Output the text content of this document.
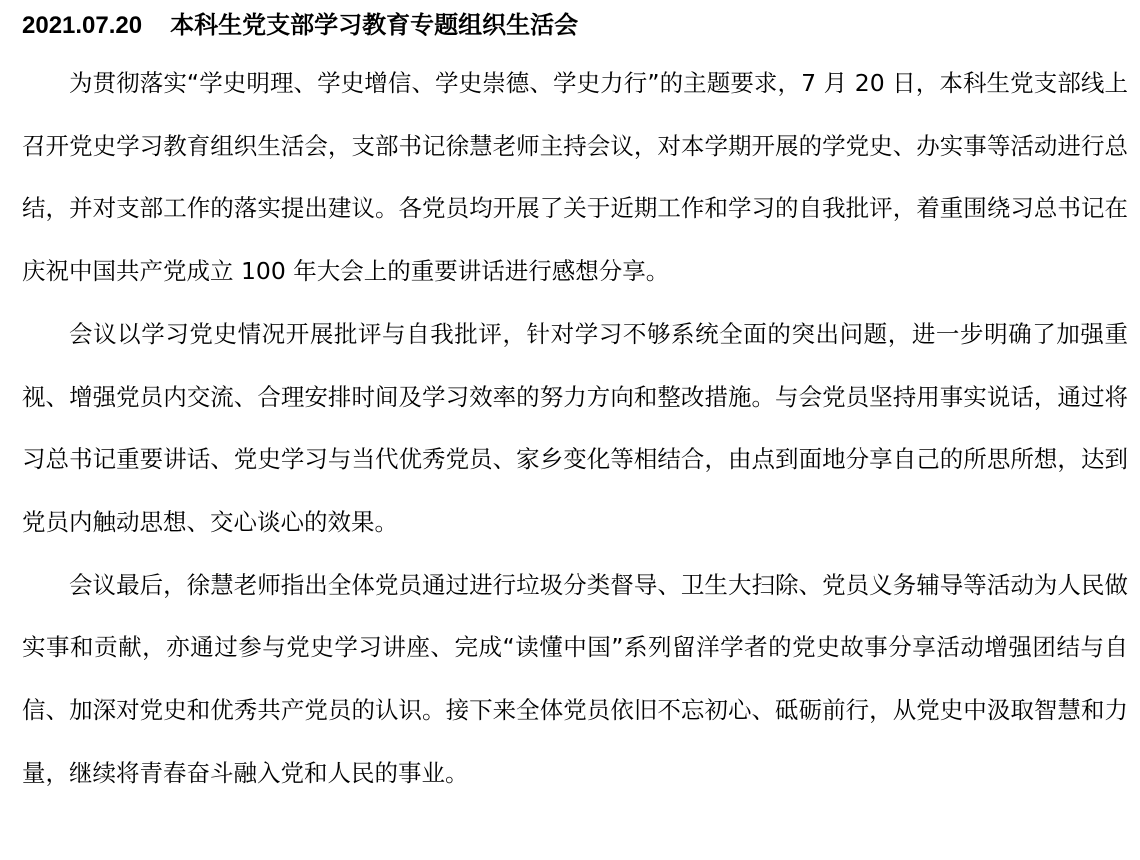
2021.07.20 本科生党支部学习教育专题组织生活会

为贯彻落实“学史明理、学史增信、学史崇德、学史力行”的主题要求，7 月 20 日，本科生党支部线上召开党史学习教育组织生活会，支部书记徐慧老师主持会议，对本学期开展的学党史、办实事等活动进行总结，并对支部工作的落实提出建议。各党员均开展了关于近期工作和学习的自我批评，着重围绕习总书记在庆祝中国共产党成立 100 年大会上的重要讲话进行感想分享。

会议以学习党史情况开展批评与自我批评，针对学习不够系统全面的突出问题，进一步明确了加强重视、增强党员内交流、合理安排时间及学习效率的努力方向和整改措施。与会党员坚持用事实说话，通过将习总书记重要讲话、党史学习与当代优秀党员、家乡变化等相结合，由点到面地分享自己的所思所想，达到党员内触动思想、交心谈心的效果。

会议最后，徐慧老师指出全体党员通过进行垃圾分类督导、卫生大扫除、党员义务辅导等活动为人民做实事和贡献，亦通过参与党史学习讲座、完成“读懂中国”系列留洋学者的党史故事分享活动增强团结与自信、加深对党史和优秀共产党员的认识。接下来全体党员依旧不忘初心、砥砺前行，从党史中汲取智慧和力量，继续将青春奋斗融入党和人民的事业。
